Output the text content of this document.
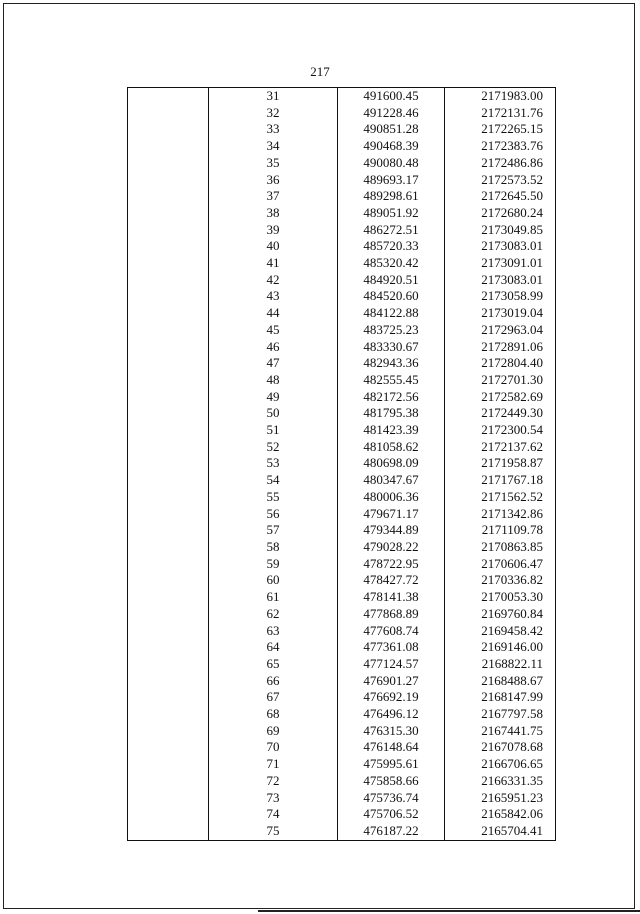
217
	31	491600.45	2171983.00
	32	491228.46	2172131.76
	33	490851.28	2172265.15
	34	490468.39	2172383.76
	35	490080.48	2172486.86
	36	489693.17	2172573.52
	37	489298.61	2172645.50
	38	489051.92	2172680.24
	39	486272.51	2173049.85
	40	485720.33	2173083.01
	41	485320.42	2173091.01
	42	484920.51	2173083.01
	43	484520.60	2173058.99
	44	484122.88	2173019.04
	45	483725.23	2172963.04
	46	483330.67	2172891.06
	47	482943.36	2172804.40
	48	482555.45	2172701.30
	49	482172.56	2172582.69
	50	481795.38	2172449.30
	51	481423.39	2172300.54
	52	481058.62	2172137.62
	53	480698.09	2171958.87
	54	480347.67	2171767.18
	55	480006.36	2171562.52
	56	479671.17	2171342.86
	57	479344.89	2171109.78
	58	479028.22	2170863.85
	59	478722.95	2170606.47
	60	478427.72	2170336.82
	61	478141.38	2170053.30
	62	477868.89	2169760.84
	63	477608.74	2169458.42
	64	477361.08	2169146.00
	65	477124.57	2168822.11
	66	476901.27	2168488.67
	67	476692.19	2168147.99
	68	476496.12	2167797.58
	69	476315.30	2167441.75
	70	476148.64	2167078.68
	71	475995.61	2166706.65
	72	475858.66	2166331.35
	73	475736.74	2165951.23
	74	475706.52	2165842.06
	75	476187.22	2165704.41
